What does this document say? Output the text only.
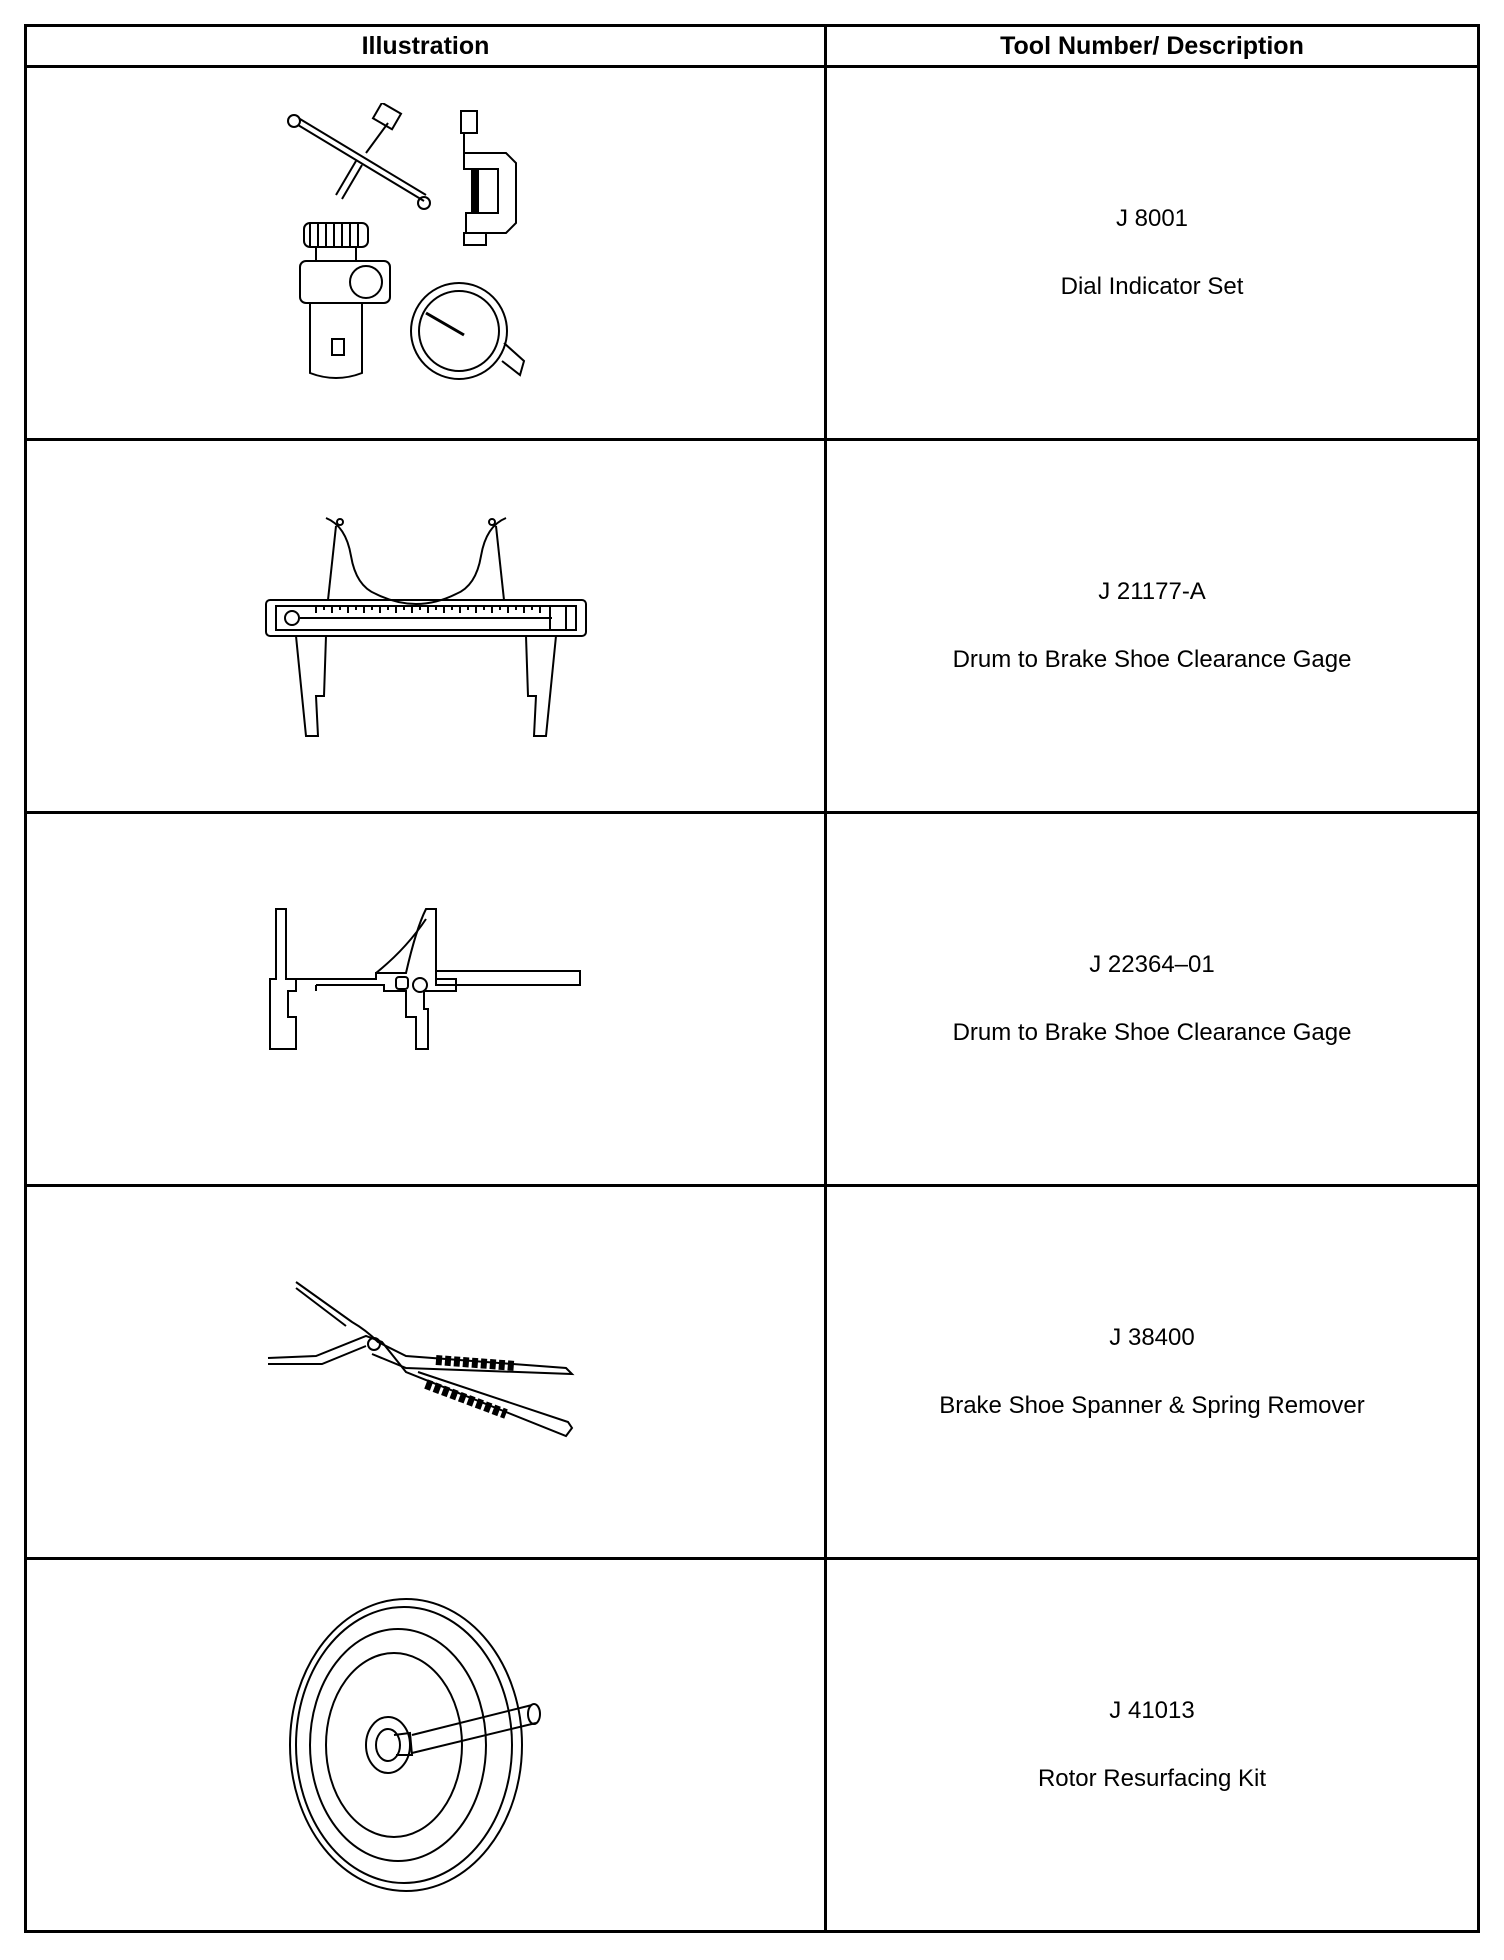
Illustration	Tool Number/ Description

J 8001
Dial Indicator Set

J 21177-A
Drum to Brake Shoe Clearance Gage

J 22364–01
Drum to Brake Shoe Clearance Gage

J 38400
Brake Shoe Spanner & Spring Remover

J 41013
Rotor Resurfacing Kit
